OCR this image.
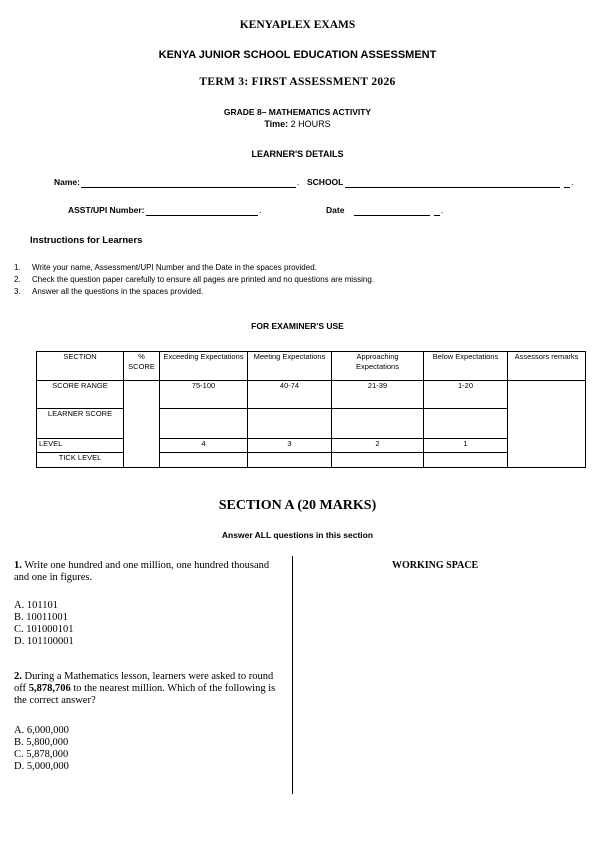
KENYAPLEX EXAMS
KENYA JUNIOR SCHOOL EDUCATION ASSESSMENT
TERM 3: FIRST ASSESSMENT 2026
GRADE 8– MATHEMATICS ACTIVITY
Time: 2 HOURS
LEARNER'S DETAILS
Name:	. SCHOOL	.
ASST/UPI Number:	.	Date	.
Instructions for Learners
1.	Write your name, Assessment/UPI Number and the Date in the spaces provided.
2.	Check the question paper carefully to ensure all pages are printed and no questions are missing.
3.	Answer all the questions in the spaces provided.
FOR EXAMINER'S USE
SECTION	% SCORE	Exceeding Expectations	Meeting Expectations	Approaching Expectations	Below Expectations	Assessors remarks
SCORE RANGE		75-100	40-74	21-39	1-20	
LEARNER SCORE						
LEVEL		4	3	2	1	
TICK LEVEL						
SECTION A (20 MARKS)
Answer ALL questions in this section
WORKING SPACE
1. Write one hundred and one million, one hundred thousand and one in figures.
A. 101101
B. 10011001
C. 101000101
D. 101100001
2. During a Mathematics lesson, learners were asked to round off 5,878,706 to the nearest million. Which of the following is the correct answer?
A. 6,000,000
B. 5,800,000
C. 5,878,000
D. 5,000,000
